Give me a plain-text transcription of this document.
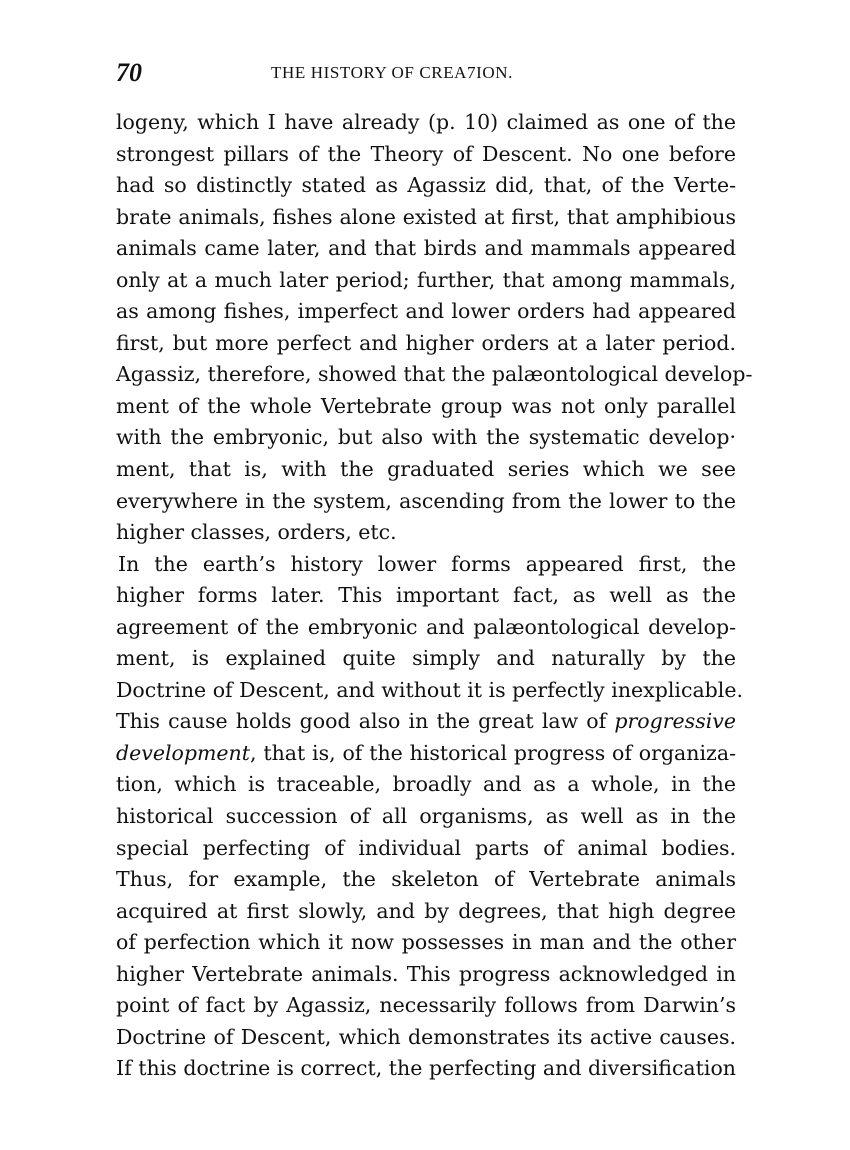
70	THE HISTORY OF CREA7ION.
logeny, which I have already (p. 10) claimed as one of the
strongest pillars of the Theory of Descent. No one before
had so distinctly stated as Agassiz did, that, of the Verte-
brate animals, fishes alone existed at first, that amphibious
animals came later, and that birds and mammals appeared
only at a much later period; further, that among mammals,
as among fishes, imperfect and lower orders had appeared
first, but more perfect and higher orders at a later period.
Agassiz, therefore, showed that the palæontological develop-
ment of the whole Vertebrate group was not only parallel
with the embryonic, but also with the systematic develop·
ment, that is, with the graduated series which we see
everywhere in the system, ascending from the lower to the
higher classes, orders, etc.
In the earth’s history lower forms appeared first, the
higher forms later. This important fact, as well as the
agreement of the embryonic and palæontological develop-
ment, is explained quite simply and naturally by the
Doctrine of Descent, and without it is perfectly inexplicable.
This cause holds good also in the great law of progressive
development, that is, of the historical progress of organiza-
tion, which is traceable, broadly and as a whole, in the
historical succession of all organisms, as well as in the
special perfecting of individual parts of animal bodies.
Thus, for example, the skeleton of Vertebrate animals
acquired at first slowly, and by degrees, that high degree
of perfection which it now possesses in man and the other
higher Vertebrate animals. This progress acknowledged in
point of fact by Agassiz, necessarily follows from Darwin’s
Doctrine of Descent, which demonstrates its active causes.
If this doctrine is correct, the perfecting and diversification
